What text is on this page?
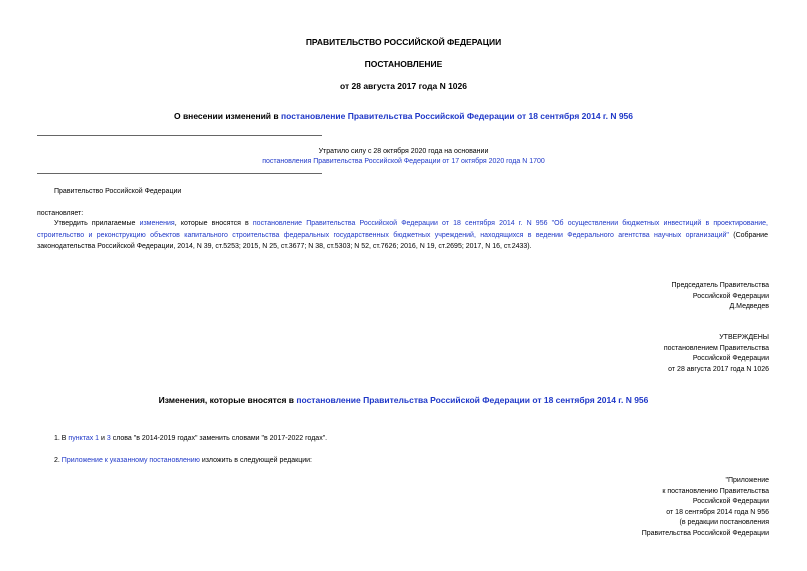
ПРАВИТЕЛЬСТВО РОССИЙСКОЙ ФЕДЕРАЦИИ
ПОСТАНОВЛЕНИЕ
от 28 августа 2017 года N 1026
О внесении изменений в постановление Правительства Российской Федерации от 18 сентября 2014 г. N 956
Утратило силу с 28 октября 2020 года на основании
постановления Правительства Российской Федерации от 17 октября 2020 года N 1700
Правительство Российской Федерации
постановляет:
Утвердить прилагаемые изменения, которые вносятся в постановление Правительства Российской Федерации от 18 сентября 2014 г. N 956 "Об осуществлении бюджетных инвестиций в проектирование, строительство и реконструкцию объектов капитального строительства федеральных государственных бюджетных учреждений, находящихся в ведении Федерального агентства научных организаций" (Собрание законодательства Российской Федерации, 2014, N 39, ст.5253; 2015, N 25, ст.3677; N 38, ст.5303; N 52, ст.7626; 2016, N 19, ст.2695; 2017, N 16, ст.2433).
Председатель Правительства
Российской Федерации
Д.Медведев
УТВЕРЖДЕНЫ
постановлением Правительства
Российской Федерации
от 28 августа 2017 года N 1026
Изменения, которые вносятся в постановление Правительства Российской Федерации от 18 сентября 2014 г. N 956
1. В пунктах 1 и 3 слова "в 2014-2019 годах" заменить словами "в 2017-2022 годах".
2. Приложение к указанному постановлению изложить в следующей редакции:
"Приложение
к постановлению Правительства
Российской Федерации
от 18 сентября 2014 года N 956
(в редакции постановления
Правительства Российской Федерации
